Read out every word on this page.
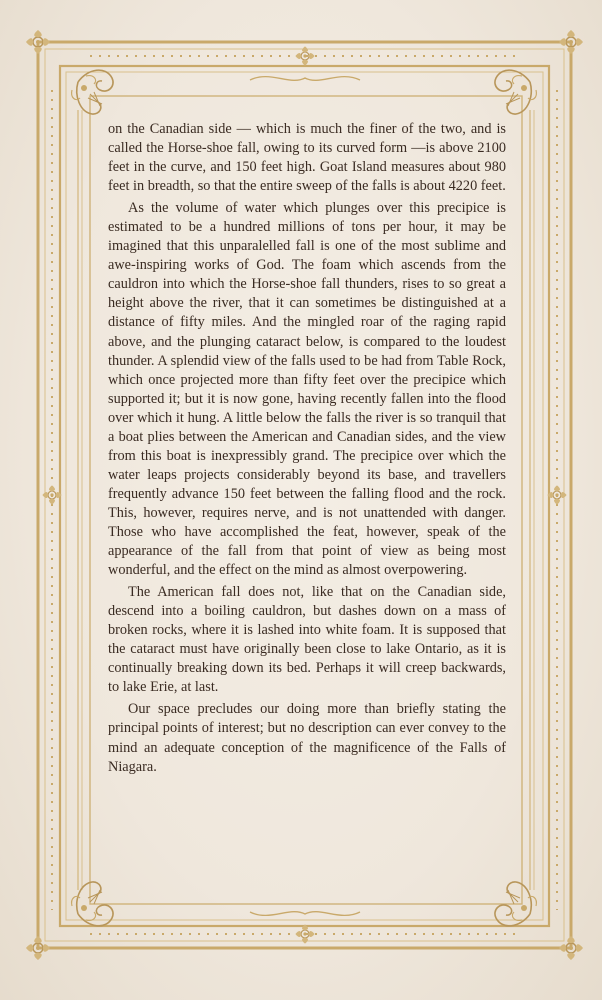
on the Canadian side — which is much the finer of the two, and is called the Horse-shoe fall, owing to its curved form —is above 2100 feet in the curve, and 150 feet high. Goat Island measures about 980 feet in breadth, so that the entire sweep of the falls is about 4220 feet.

As the volume of water which plunges over this precipice is estimated to be a hundred millions of tons per hour, it may be imagined that this unparalelled fall is one of the most sublime and awe-inspiring works of God. The foam which ascends from the cauldron into which the Horse-shoe fall thunders, rises to so great a height above the river, that it can sometimes be distinguished at a distance of fifty miles. And the mingled roar of the raging rapid above, and the plunging cataract below, is compared to the loudest thunder. A splendid view of the falls used to be had from Table Rock, which once projected more than fifty feet over the precipice which supported it; but it is now gone, having recently fallen into the flood over which it hung. A little below the falls the river is so tranquil that a boat plies between the American and Canadian sides, and the view from this boat is inexpressibly grand. The precipice over which the water leaps projects considerably beyond its base, and travellers frequently advance 150 feet between the falling flood and the rock. This, however, requires nerve, and is not unattended with danger. Those who have accomplished the feat, however, speak of the appearance of the fall from that point of view as being most wonderful, and the effect on the mind as almost overpowering.

The American fall does not, like that on the Canadian side, descend into a boiling cauldron, but dashes down on a mass of broken rocks, where it is lashed into white foam. It is supposed that the cataract must have originally been close to lake Ontario, as it is continually breaking down its bed. Perhaps it will creep backwards, to lake Erie, at last.

Our space precludes our doing more than briefly stating the principal points of interest; but no description can ever convey to the mind an adequate conception of the magnificence of the Falls of Niagara.
